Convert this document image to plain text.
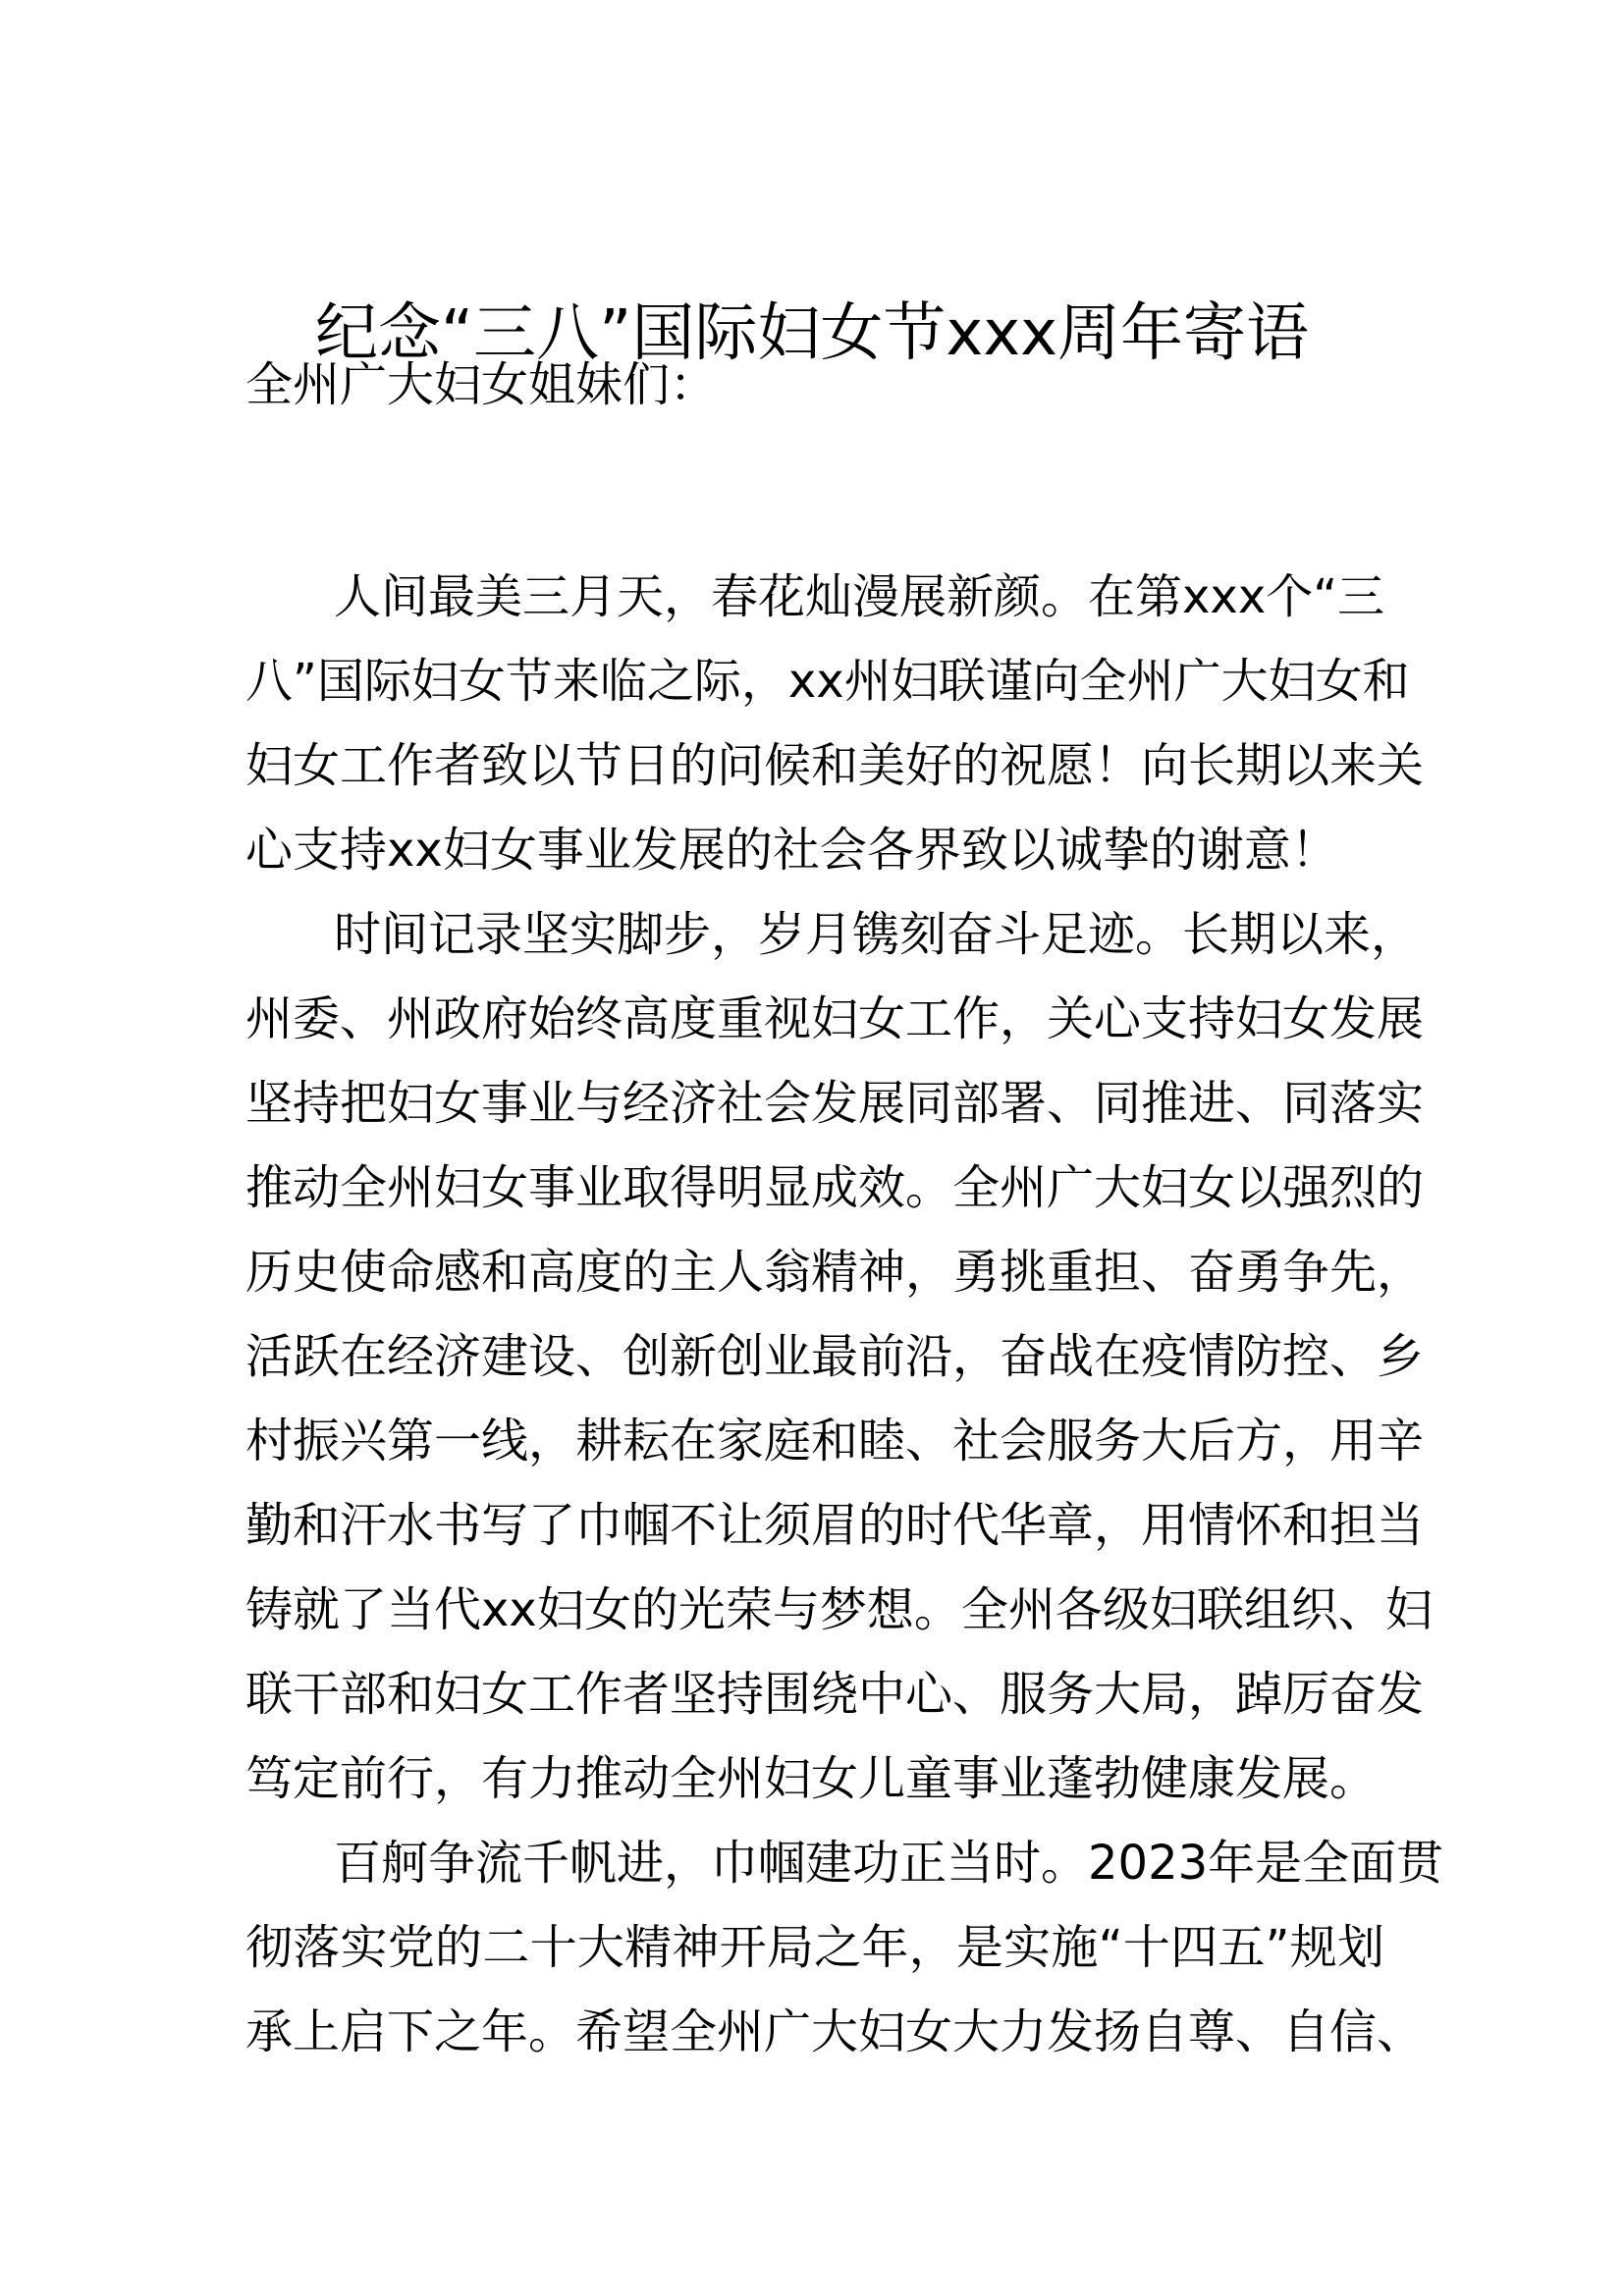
纪念“三八”国际妇女节xxx周年寄语
全州广大妇女姐妹们：
人间最美三月天，春花灿漫展新颜。在第xxx个“三
八”国际妇女节来临之际，xx州妇联谨向全州广大妇女和
妇女工作者致以节日的问候和美好的祝愿！向长期以来关
心支持xx妇女事业发展的社会各界致以诚挚的谢意！
时间记录坚实脚步，岁月镌刻奋斗足迹。长期以来，
州委、州政府始终高度重视妇女工作，关心支持妇女发展
坚持把妇女事业与经济社会发展同部署、同推进、同落实
推动全州妇女事业取得明显成效。全州广大妇女以强烈的
历史使命感和高度的主人翁精神，勇挑重担、奋勇争先，
活跃在经济建设、创新创业最前沿，奋战在疫情防控、乡
村振兴第一线，耕耘在家庭和睦、社会服务大后方，用辛
勤和汗水书写了巾帼不让须眉的时代华章，用情怀和担当
铸就了当代xx妇女的光荣与梦想。全州各级妇联组织、妇
联干部和妇女工作者坚持围绕中心、服务大局，踔厉奋发
笃定前行，有力推动全州妇女儿童事业蓬勃健康发展。
百舸争流千帆进，巾帼建功正当时。2023年是全面贯
彻落实党的二十大精神开局之年，是实施“十四五”规划
承上启下之年。希望全州广大妇女大力发扬自尊、自信、
